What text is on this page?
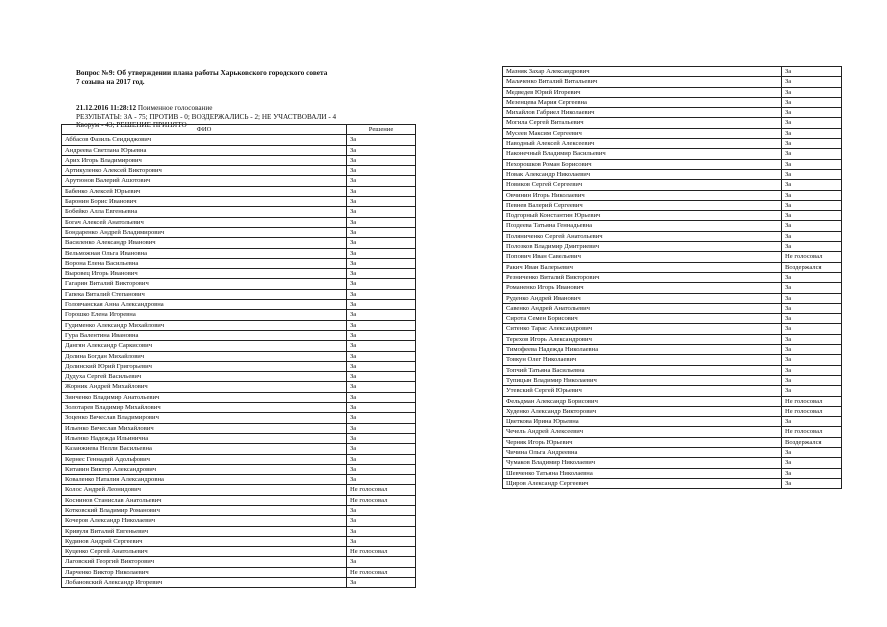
Вопрос №9: Об утверждении плана работы Харьковского городского совета
7 созыва на 2017 год.
21.12.2016 11:28:12 Поименное голосование
РЕЗУЛЬТАТЫ: ЗА - 75; ПРОТИВ - 0; ВОЗДЕРЖАЛИСЬ - 2; НЕ УЧАСТВОВАЛИ - 4
Кворум - 43; РЕШЕНИЕ ПРИНЯТО
ФИО	Решение
Аббасов Фазиль Сеидиджович	За
Андреева Светлана Юрьевна	За
Арих Игорь Владимирович	За
Артикуленко Алексей Викторович	За
Арутюнов Валерий Ашотович	За
Бабенко Алексей Юрьевич	За
Баронин Борис Иванович	За
Бобейко Алла Евгеньевна	За
Богач Алексей Анатольевич	За
Бондаренко Андрей Владимирович	За
Василенко Александр Иванович	За
Вельможная Ольга Ивановна	За
Ворона Елена Васильевна	За
Выровец Игорь Иванович	За
Гагарин Виталий Викторович	За
Гапека Виталий Степанович	За
Головчанская Анна Александровна	За
Горошко Елена Игоревна	За
Гудименко Александр Михайлович	За
Гура Валентина Ивановна	За
Дангян Александр Саркисович	За
Долина Богдан Михайлович	За
Долинский Юрий Григорьевич	За
Дудуха Сергей Васильевич	За
Жорник Андрей Михайлович	За
Зинченко Владимир Анатольевич	За
Золотарев Владимир Михайлович	За
Зоценко Вячеслав Владимирович	За
Ильенко Вячеслав Михайлович	За
Ильенко Надежда Ильинична	За
Казанжиева Нелли Васильевна	За
Кернес Геннадий Адольфович	За
Китавин Виктор Александрович	За
Коваленко Наталия Александровна	За
Колос Андрей Леонидович	Не голосовал
Коснинов Станислав Анатольевич	Не голосовал
Котковский Владимир Романович	За
Кочеров Александр Николаевич	За
Кривуля Виталий Евгеньевич	За
Кудинов Андрей Сергеевич	За
Куценко Сергей Анатольевич	Не голосовал
Лаговский Георгий Викторович	За
Ларченко Виктор Николаевич	Не голосовал
Лобановский Александр Игоревич	За
Мазняк Захар Александрович	За
Малаченко Виталий Витальевич	За
Медведев Юрий Игоревич	За
Мезенцева Мария Сергеевна	За
Михайлов Габриел Николаевич	За
Могила Сергей Витальевич	За
Мусеев Максим Сергеевич	За
Наводный Алексей Алексеевич	За
Наконечный Владимир Васильевич	За
Нехорошков Роман Борисович	За
Новак Александр Николаевич	За
Новиков Сергей Сергеевич	За
Овчинин Игорь Николаевич	За
Певнев Валерий Сергеевич	За
Подгорный Константин Юрьевич	За
Поздеева Татьяна Геннадьевна	За
Поляниченко Сергей Анатольевич	За
Полозков Владимир Дмитриевич	За
Попович Иван Савельевич	Не голосовал
Ракич Иван Валерьевич	Воздержался
Резниченко Виталий Викторович	За
Романенко Игорь Иванович	За
Руденко Андрей Иванович	За
Савенко Андрей Анатольевич	За
Сирота Семен Борисович	За
Ситенко Тарас Александрович	За
Терехов Игорь Александрович	За
Тимофеева Надежда Николаевна	За
Товкун Олег Николаевич	За
Топчий Татьяна Васильевна	За
Тупицын Владимир Николаевич	За
Утевский Сергей Юрьевич	За
Фельдман Александр Борисович	Не голосовал
Худенко Александр Викторович	Не голосовал
Цветкова Ирина Юрьевна	За
Чечель Андрей Алексеевич	Не голосовал
Черняк Игорь Юрьевич	Воздержался
Чичина Ольга Андреевна	За
Чумаков Владимир Николаевич	За
Шевченко Татьяна Николаевна	За
Щиров Александр Сергеевич	За
